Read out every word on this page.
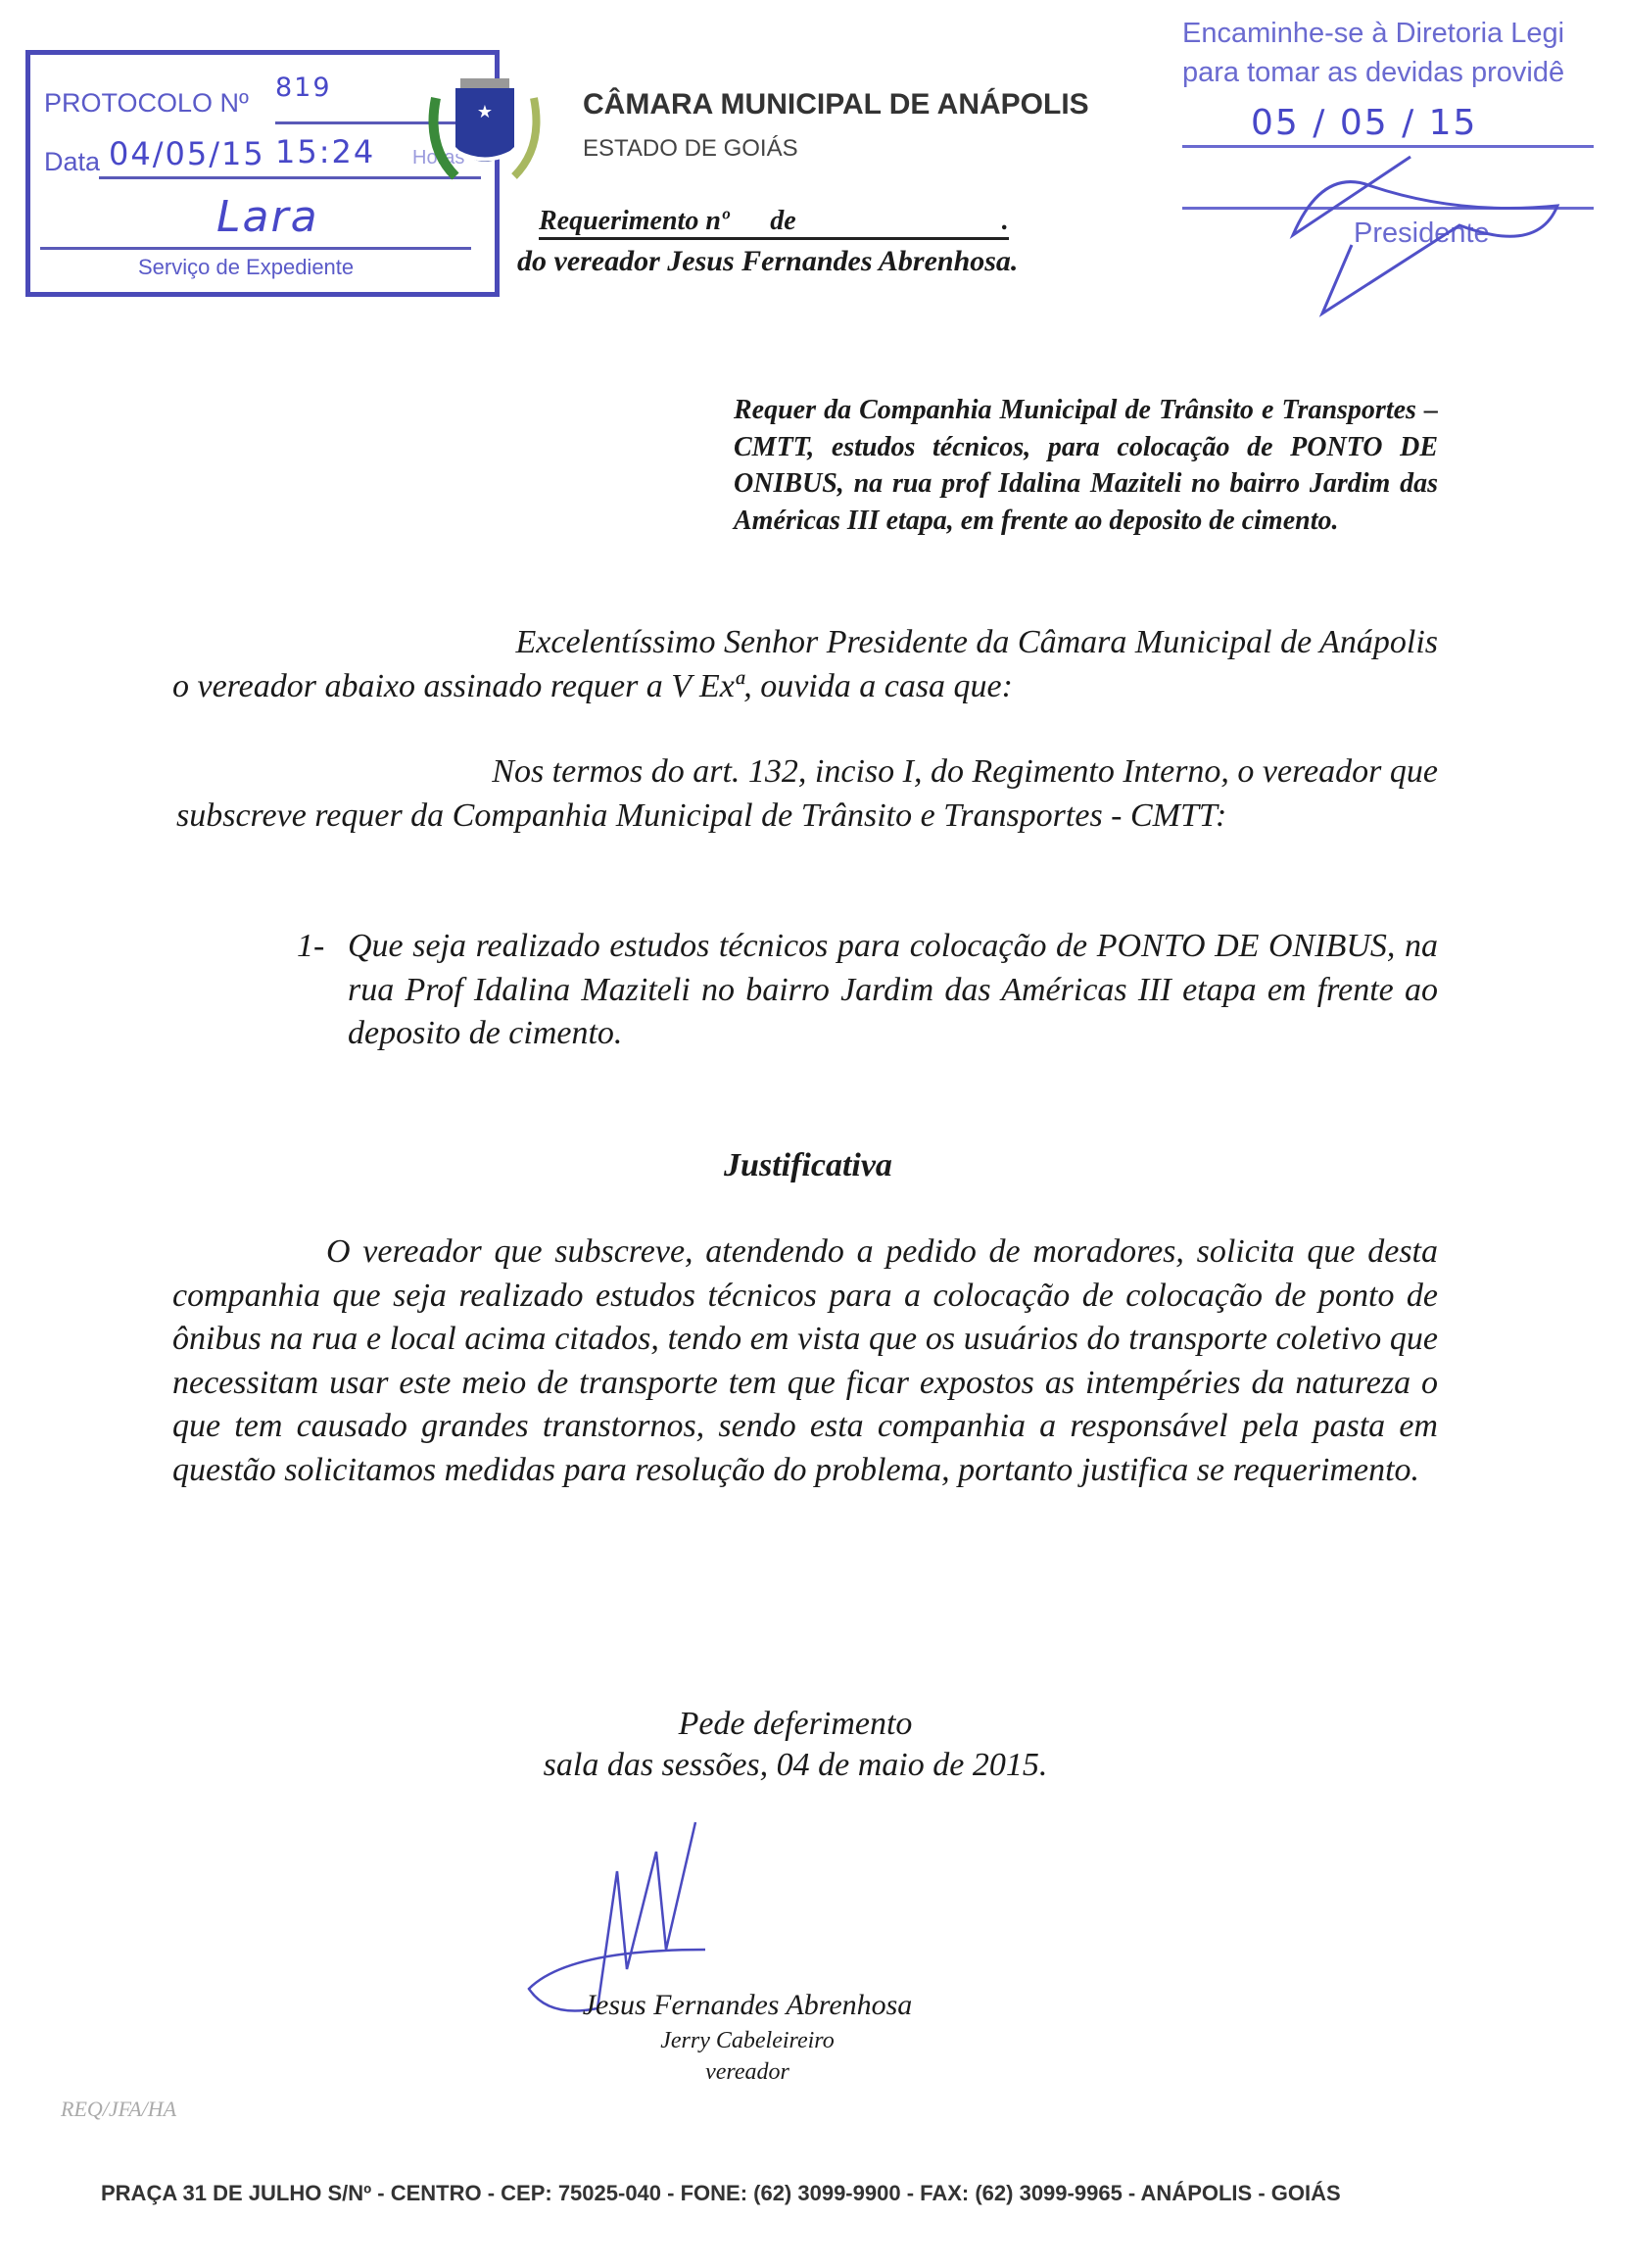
PROTOCOLO Nº 819
Data 04/05/15 15:24 Horas
Lara
Serviço de Expediente
★	CÂMARA MUNICIPAL DE ANÁPOLIS
ESTADO DE GOIÁS
Requerimento nº      de                              .
do vereador Jesus Fernandes Abrenhosa.
Encaminhe-se à Diretoria Legi
para tomar as devidas providê
05 / 05 / 15
Presidente
Requer da Companhia Municipal de Trânsito e Transportes – CMTT, estudos técnicos, para colocação de PONTO DE ONIBUS, na rua prof Idalina Maziteli no bairro Jardim das Américas III etapa, em frente ao deposito de cimento.
Excelentíssimo Senhor Presidente da Câmara Municipal de Anápolis
o vereador abaixo assinado requer a V Exª, ouvida a casa que:
Nos termos do art. 132, inciso I, do Regimento Interno, o vereador que
subscreve requer da Companhia Municipal de Trânsito e Transportes - CMTT:
1- Que seja realizado estudos técnicos para colocação de PONTO DE ONIBUS, na rua Prof Idalina Maziteli no bairro Jardim das Américas III etapa em frente ao deposito de cimento.
Justificativa
O vereador que subscreve, atendendo a pedido de moradores, solicita que desta companhia que seja realizado estudos técnicos para a colocação de colocação de ponto de ônibus na rua e local acima citados, tendo em vista que os usuários do transporte coletivo que necessitam usar este meio de transporte tem que ficar expostos as intempéries da natureza o que tem causado grandes transtornos, sendo esta companhia a responsável pela pasta em questão solicitamos medidas para resolução do problema, portanto justifica se requerimento.
Pede deferimento
sala das sessões, 04 de maio de 2015.
Jesus Fernandes Abrenhosa
Jerry Cabeleireiro
vereador
REQ/JFA/HA
PRAÇA 31 DE JULHO S/Nº - CENTRO - CEP: 75025-040 - FONE: (62) 3099-9900 - FAX: (62) 3099-9965 - ANÁPOLIS - GOIÁS
